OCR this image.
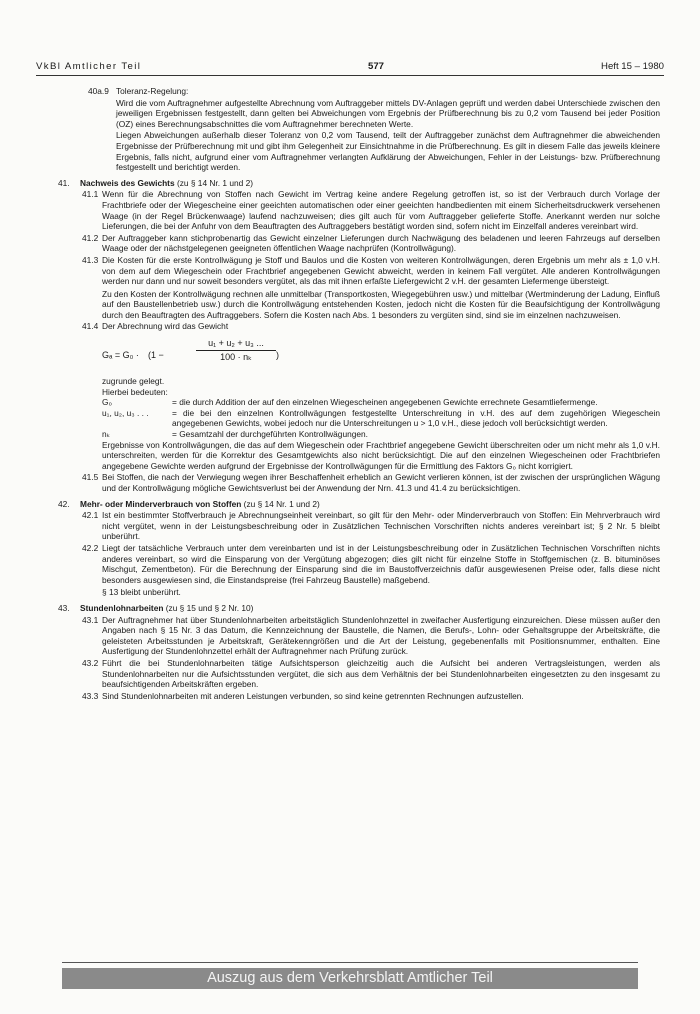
VkBl Amtlicher Teil	577	Heft 15 – 1980
40a.9 Toleranz-Regelung:

Wird die vom Auftragnehmer aufgestellte Abrechnung vom Auftraggeber mittels DV-Anlagen geprüft und werden dabei Unterschiede zwischen den jeweiligen Ergebnissen festgestellt, dann gelten bei Abweichungen vom Ergebnis der Prüfberechnung bis zu 0,2 vom Tausend bei jeder Position (OZ) eines Berechnungsabschnittes die vom Auftragnehmer berechneten Werte.

Liegen Abweichungen außerhalb dieser Toleranz von 0,2 vom Tausend, teilt der Auftraggeber zunächst dem Auftragnehmer die abweichenden Ergebnisse der Prüfberechnung mit und gibt ihm Gelegenheit zur Einsichtnahme in die Prüfberechnung. Es gilt in diesem Falle das jeweils kleinere Ergebnis, falls nicht, aufgrund einer vom Auftragnehmer verlangten Aufklärung der Abweichungen, Fehler in der Leistungs- bzw. Prüfberechnung festgestellt und berichtigt werden.

41.	Nachweis des Gewichts (zu § 14 Nr. 1 und 2)
41.1 Wenn für die Abrechnung von Stoffen nach Gewicht im Vertrag keine andere Regelung getroffen ist, so ist der Verbrauch durch Vorlage der Frachtbriefe oder der Wiegescheine einer geeichten automatischen oder einer geeichten handbedienten mit einem Sicherheitsdruckwerk versehenen Waage (in der Regel Brückenwaage) laufend nachzuweisen; dies gilt auch für vom Auftraggeber gelieferte Stoffe. Anerkannt werden nur solche Lieferungen, die bei der Anfuhr von dem Beauftragten des Auftraggebers bestätigt worden sind, sofern nicht im Einzelfall anderes vereinbart wird.

41.2 Der Auftraggeber kann stichprobenartig das Gewicht einzelner Lieferungen durch Nachwägung des beladenen und leeren Fahrzeugs auf derselben Waage oder der nächstgelegenen geeigneten öffentlichen Waage nachprüfen (Kontrollwägung).

41.3 Die Kosten für die erste Kontrollwägung je Stoff und Baulos und die Kosten von weiteren Kontrollwägungen, deren Ergebnis um mehr als ± 1,0 v.H. von dem auf dem Wiegeschein oder Frachtbrief angegebenen Gewicht abweicht, werden in keinem Fall vergütet. Alle anderen Kontrollwägungen werden nur dann und nur soweit besonders vergütet, als das mit ihnen erfaßte Liefergewicht 2 v.H. der gesamten Liefermenge übersteigt.

Zu den Kosten der Kontrollwägung rechnen alle unmittelbar (Transportkosten, Wiegegebühren usw.) und mittelbar (Wertminderung der Ladung, Einfluß auf den Baustellenbetrieb usw.) durch die Kontrollwägung entstehenden Kosten, jedoch nicht die Kosten für die Beaufsichtigung der Kontrollwägung durch den Beauftragten des Auftraggebers. Sofern die Kosten nach Abs. 1 besonders zu vergüten sind, sind sie im einzelnen nachzuweisen.

41.4 Der Abrechnung wird das Gewicht

Gₐ = G₀ · (1 −	$\frac{\text{u₁ + u₂ + u₃ ...}}{\text{100 · nₖ}}$ )
zugrunde gelegt.
Hierbei bedeuten:
G₀	= die durch Addition der auf den einzelnen Wiegescheinen angegebenen Gewichte errechnete Gesamtliefermenge.
u₁, u₂, u₃ . . .	= die bei den einzelnen Kontrollwägungen festgestellte Unterschreitung in v.H. des auf dem zugehörigen Wiegeschein angegebenen Gewichts, wobei jedoch nur die Unterschreitungen u > 1,0 v.H., diese jedoch voll berücksichtigt werden.
nₖ	= Gesamtzahl der durchgeführten Kontrollwägungen.
Ergebnisse von Kontrollwägungen, die das auf dem Wiegeschein oder Frachtbrief angegebene Gewicht überschreiten oder um nicht mehr als 1,0 v.H. unterschreiten, werden für die Korrektur des Gesamtgewichts also nicht berücksichtigt. Die auf den einzelnen Wiegescheinen oder Frachtbriefen angegebene Gewichte werden aufgrund der Ergebnisse der Kontrollwägungen für die Ermittlung des Faktors G₀ nicht korrigiert.
41.5 Bei Stoffen, die nach der Verwiegung wegen ihrer Beschaffenheit erheblich an Gewicht verlieren können, ist der zwischen der ursprünglichen Wägung und der Kontrollwägung mögliche Gewichtsverlust bei der Anwendung der Nrn. 41.3 und 41.4 zu berücksichtigen.

42.	Mehr- oder Minderverbrauch von Stoffen (zu § 14 Nr. 1 und 2)
42.1 Ist ein bestimmter Stoffverbrauch je Abrechnungseinheit vereinbart, so gilt für den Mehr- oder Minderverbrauch von Stoffen: Ein Mehrverbrauch wird nicht vergütet, wenn in der Leistungsbeschreibung oder in Zusätzlichen Technischen Vorschriften nichts anderes vereinbart ist; § 2 Nr. 5 bleibt unberührt.

42.2 Liegt der tatsächliche Verbrauch unter dem vereinbarten und ist in der Leistungsbeschreibung oder in Zusätzlichen Technischen Vorschriften nichts anderes vereinbart, so wird die Einsparung von der Vergütung abgezogen; dies gilt nicht für einzelne Stoffe in Stoffgemischen (z. B. bituminöses Mischgut, Zementbeton). Für die Berechnung der Einsparung sind die im Baustoffverzeichnis dafür ausgewiesenen Preise oder, falls diese nicht besonders ausgewiesen sind, die Einstandspreise (frei Fahrzeug Baustelle) maßgebend.

§ 13 bleibt unberührt.

43.	Stundenlohnarbeiten (zu § 15 und § 2 Nr. 10)
43.1 Der Auftragnehmer hat über Stundenlohnarbeiten arbeitstäglich Stundenlohnzettel in zweifacher Ausfertigung einzureichen. Diese müssen außer den Angaben nach § 15 Nr. 3 das Datum, die Kennzeichnung der Baustelle, die Namen, die Berufs-, Lohn- oder Gehaltsgruppe der Arbeitskräfte, die geleisteten Arbeitsstunden je Arbeitskraft, Gerätekenngrößen und die Art der Leistung, gegebenenfalls mit Positionsnummer, enthalten. Eine Ausfertigung der Stundenlohnzettel erhält der Auftragnehmer nach Prüfung zurück.

43.2 Führt die bei Stundenlohnarbeiten tätige Aufsichtsperson gleichzeitig auch die Aufsicht bei anderen Vertragsleistungen, werden als Stundenlohnarbeiten nur die Aufsichtsstunden vergütet, die sich aus dem Verhältnis der bei Stundenlohnarbeiten eingesetzten zu den insgesamt zu beaufsichtigenden Arbeitskräften ergeben.

43.3 Sind Stundenlohnarbeiten mit anderen Leistungen verbunden, so sind keine getrennten Rechnungen aufzustellen.

Auszug aus dem Verkehrsblatt Amtlicher Teil
